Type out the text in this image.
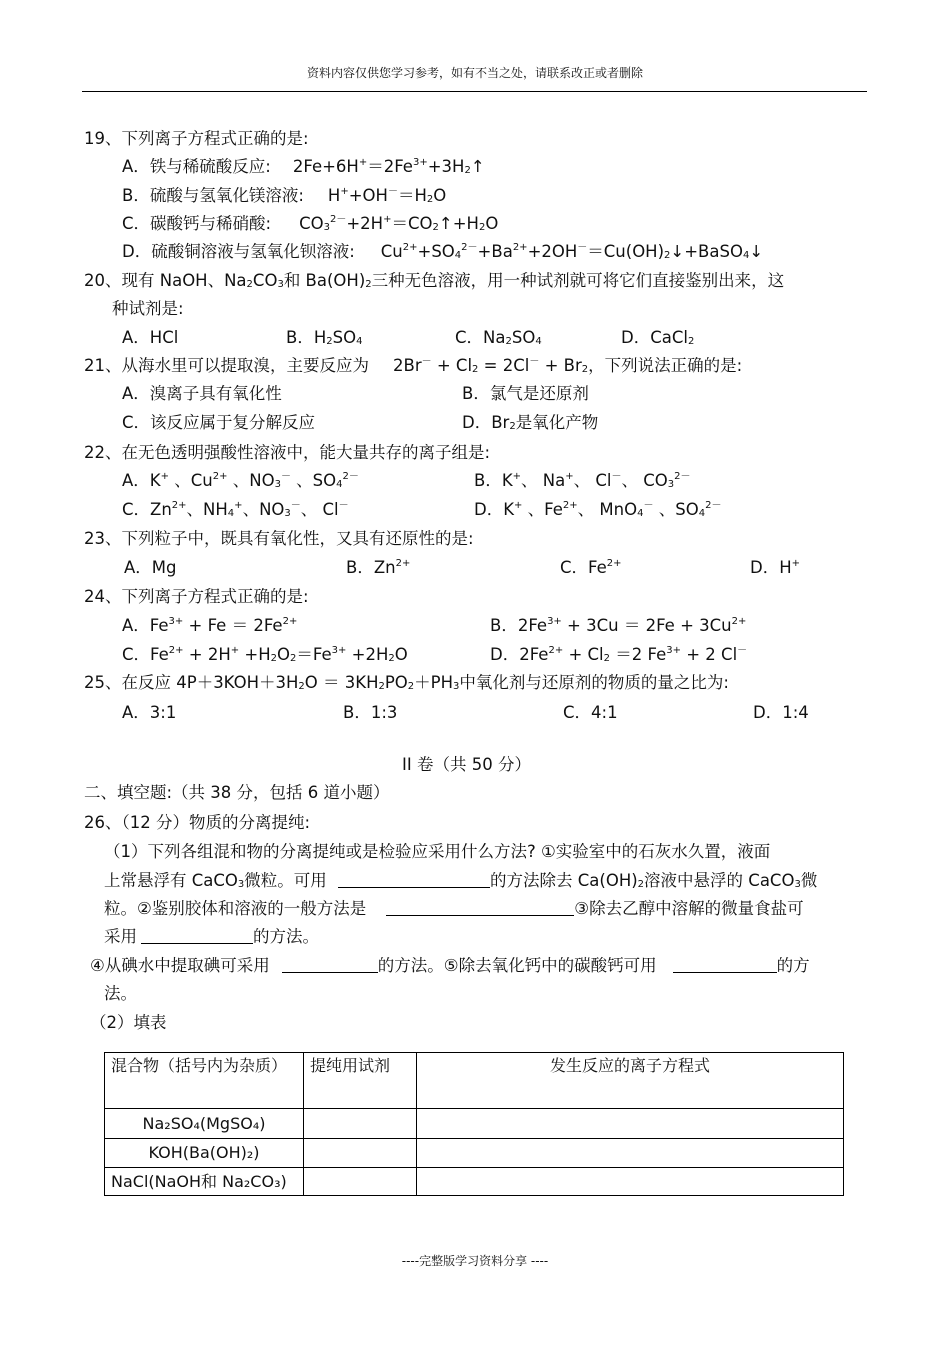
资料内容仅供您学习参考，如有不当之处，请联系改正或者删除
19、下列离子方程式正确的是:
A．铁与稀硫酸反应: $2Fe+6H^+=2Fe^{3+}+3H_2↑$
B．硫酸与氢氧化镁溶液: $H^++OH^-=H_2O$
C．碳酸钙与稀硝酸: $CO_3^{2-}+2H^+=CO_2↑+H_2O$
D．硫酸铜溶液与氢氧化钡溶液: $Cu^{2+}+SO_4^{2-}+Ba^{2+}+2OH^-=Cu(OH)_2↓+BaSO_4↓$
20、现有 NaOH、$Na_2CO_3$和 $Ba(OH)_2$三种无色溶液，用一种试剂就可将它们直接鉴别出来，这
种试剂是:
A．HCl	B．$H_2SO_4$	C．$Na_2SO_4$	D．CaCl$_2$
21、从海水里可以提取溴，主要反应为 $2Br^- + Cl_2 = 2Cl^- + Br_2$，下列说法正确的是:
A．溴离子具有氧化性	B．氯气是还原剂
C．该反应属于复分解反应	D．$Br_2$是氧化产物
22、在无色透明强酸性溶液中，能大量共存的离子组是:
A．K+ 、$Cu^{2+}$ 、$NO_3^-$ 、$SO_4^{2-}$	B．K+、 Na+、 Cl－、 $CO_3^{2-}$
C．$Zn^{2+}$、$NH_4^+$、$NO_3^-$、 Cl－	D．K+ 、$Fe^{2+}$、 MnO$_4$－ 、$SO_4^{2-}$
23、下列粒子中，既具有氧化性，又具有还原性的是:
A．Mg	B．$Zn^{2+}$	C．$Fe^{2+}$	D．H+
24、下列离子方程式正确的是:
A．$Fe^{3+} + Fe = 2Fe^{2+}$	B．$2Fe^{3+} + 3Cu = 2Fe + 3Cu^{2+}$
C．$Fe^{2+} + 2H^+ +H_2O_2=Fe^{3+} +2H_2O$	D．$2Fe^{2+} + Cl_2 =2$ $Fe^{3+} + 2$ Cl－
25、在反应 $4P+3KOH+3H_2O = 3KH_2PO_2+PH_3$中氧化剂与还原剂的物质的量之比为:
A．3:1	B．1:3	C．4:1	D．1:4
II 卷（共 50 分）
二、填空题:（共 38 分，包括 6 道小题）
26、（12 分）物质的分离提纯:
（1）下列各组混和物的分离提纯或是检验应采用什么方法? ①实验室中的石灰水久置，液面
上常悬浮有 CaCO$_3$微粒。可用	的方法除去 $Ca(OH)_2$溶液中悬浮的 CaCO$_3$微
粒。②鉴别胶体和溶液的一般方法是	③除去乙醇中溶解的微量食盐可
采用	的方法。
④从碘水中提取碘可采用	的方法。⑤除去氧化钙中的碳酸钙可用	的方
法。
（2）填表
混合物（括号内为杂质）	提纯用试剂	发生反应的离子方程式
Na₂SO₄(MgSO₄)		
KOH(Ba(OH)₂)		
NaCl(NaOH和 Na₂CO₃)		
----完整版学习资料分享 ----
